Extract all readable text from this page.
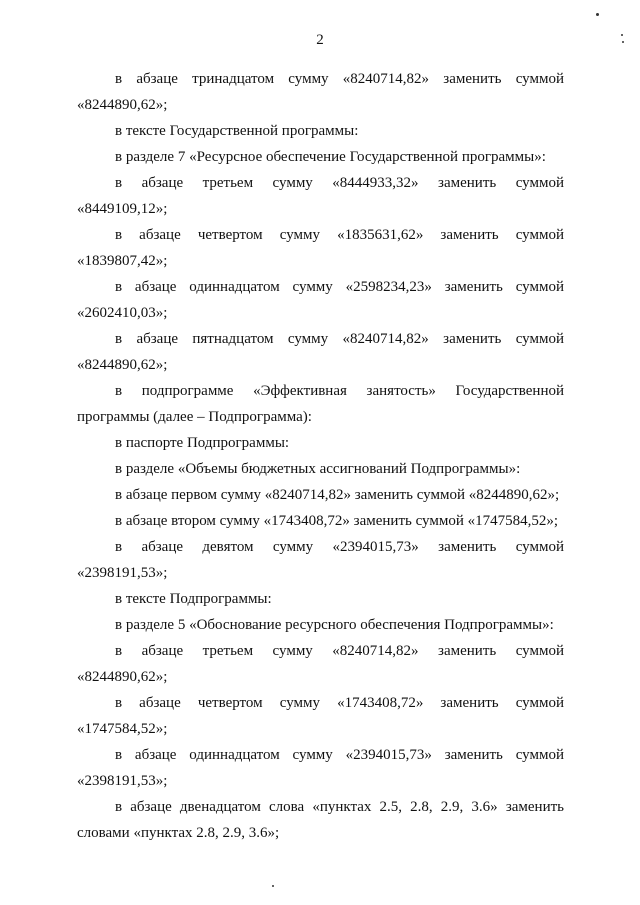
2

в абзаце тринадцатом сумму «8240714,82» заменить суммой
«8244890,62»;

в тексте Государственной программы:

в разделе 7 «Ресурсное обеспечение Государственной программы»:

в абзаце третьем сумму «8444933,32» заменить суммой
«8449109,12»;

в абзаце четвертом сумму «1835631,62» заменить суммой
«1839807,42»;

в абзаце одиннадцатом сумму «2598234,23» заменить суммой
«2602410,03»;

в абзаце пятнадцатом сумму «8240714,82» заменить суммой
«8244890,62»;

в подпрограмме «Эффективная занятость» Государственной
программы (далее – Подпрограмма):

в паспорте Подпрограммы:

в разделе «Объемы бюджетных ассигнований Подпрограммы»:

в абзаце первом сумму «8240714,82» заменить суммой «8244890,62»;

в абзаце втором сумму «1743408,72» заменить суммой «1747584,52»;

в абзаце девятом сумму «2394015,73» заменить суммой
«2398191,53»;

в тексте Подпрограммы:

в разделе 5 «Обоснование ресурсного обеспечения Подпрограммы»:

в абзаце третьем сумму «8240714,82» заменить суммой
«8244890,62»;

в абзаце четвертом сумму «1743408,72» заменить суммой
«1747584,52»;

в абзаце одиннадцатом сумму «2394015,73» заменить суммой
«2398191,53»;

в абзаце двенадцатом слова «пунктах 2.5, 2.8, 2.9, 3.6» заменить
словами «пунктах 2.8, 2.9, 3.6»;
